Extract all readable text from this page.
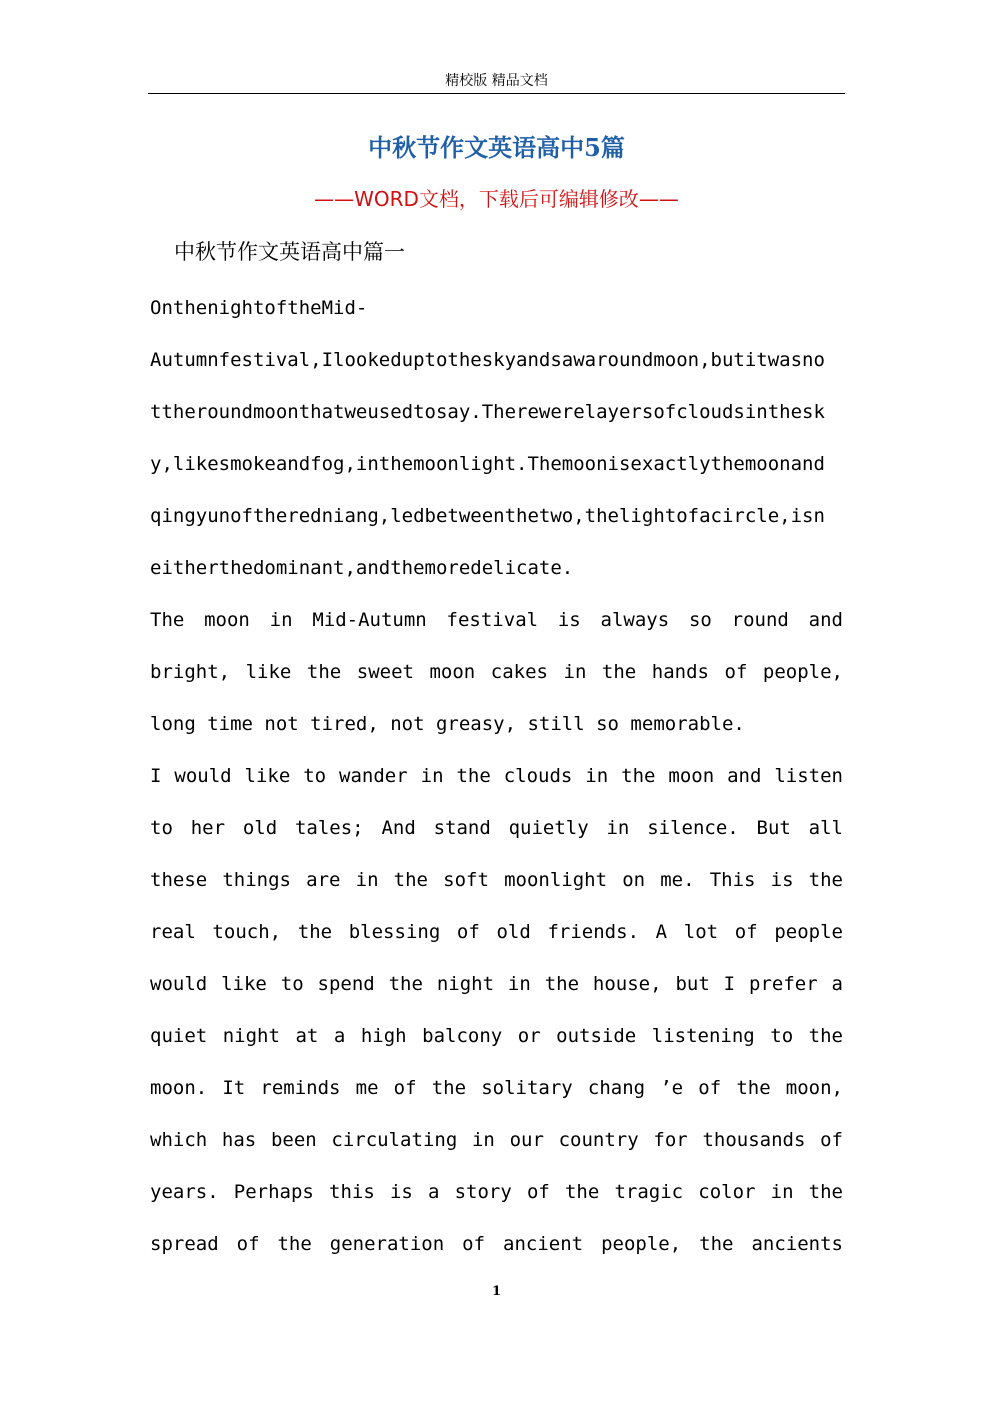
精校版 精品文档
中秋节作文英语高中5篇
——WORD文档，下载后可编辑修改——
中秋节作文英语高中篇一
OnthenightoftheMid-
Autumnfestival,Ilookeduptotheskyandsawaroundmoon,butitwasno
ttheroundmoonthatweusedtosay.Therewerelayersofcloudsinthesk
y,likesmokeandfog,inthemoonlight.Themoonisexactlythemoonand
qingyunoftheredniang,ledbetweenthetwo,thelightofacircle,isn
eitherthedominant,andthemoredelicate.
The moon in Mid-Autumn festival is always so round and
bright, like the sweet moon cakes in the hands of people,
long time not tired, not greasy, still so memorable.
I would like to wander in the clouds in the moon and listen
to her old tales; And stand quietly in silence. But all
these things are in the soft moonlight on me. This is the
real touch, the blessing of old friends. A lot of people
would like to spend the night in the house, but I prefer a
quiet night at a high balcony or outside listening to the
moon. It reminds me of the solitary chang ’e of the moon,
which has been circulating in our country for thousands of
years. Perhaps this is a story of the tragic color in the
spread of the generation of ancient people, the ancients
1
